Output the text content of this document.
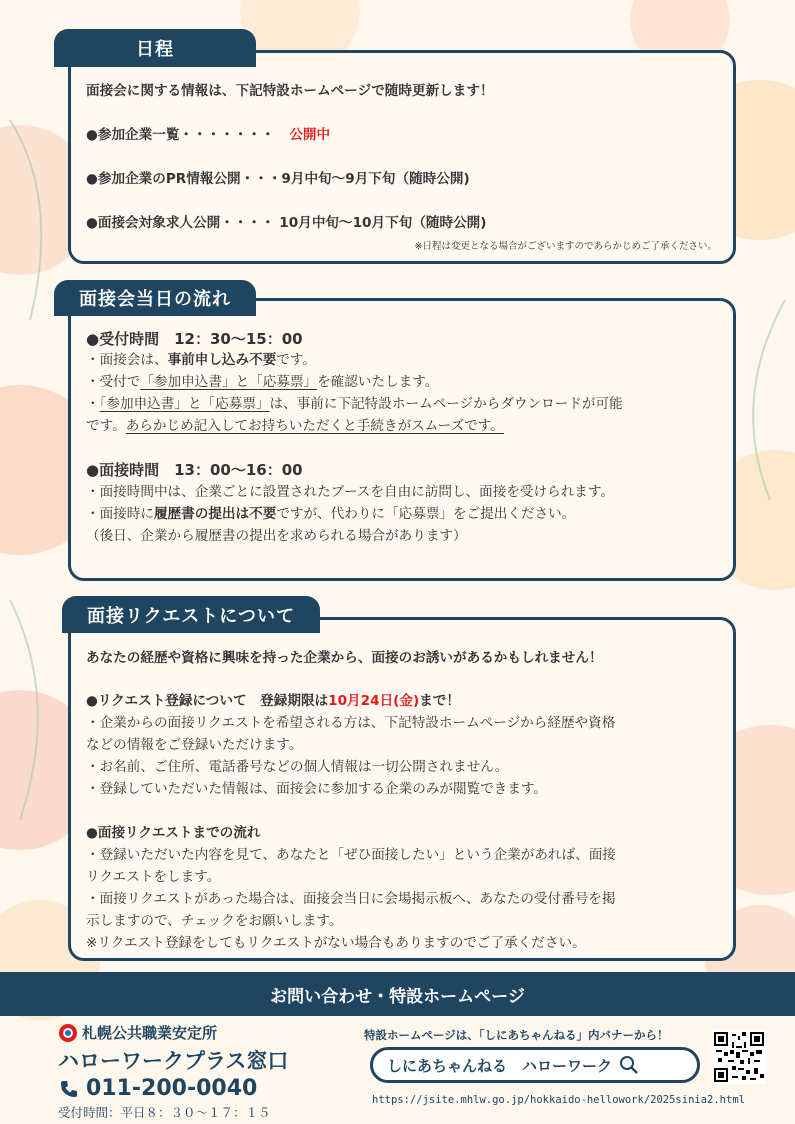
日程
面接会に関する情報は、下記特設ホームページで随時更新します！
●参加企業一覧・・・・・・・ 公開中
●参加企業のPR情報公開・・・9月中旬〜9月下旬（随時公開)
●面接会対象求人公開・・・・ 10月中旬〜10月下旬（随時公開)
※日程は変更となる場合がございますのであらかじめご了承ください。
面接会当日の流れ
●受付時間　12：30〜15：00
・面接会は、事前申し込み不要です。
・受付で「参加申込書」と「応募票」を確認いたします。
・「参加申込書」と「応募票」は、事前に下記特設ホームページからダウンロードが可能
です。あらかじめ記入してお持ちいただくと手続きがスムーズです。
●面接時間　13：00〜16：00
・面接時間中は、企業ごとに設置されたブースを自由に訪問し、面接を受けられます。
・面接時に履歴書の提出は不要ですが、代わりに「応募票」をご提出ください。
（後日、企業から履歴書の提出を求められる場合があります）
面接リクエストについて
あなたの経歴や資格に興味を持った企業から、面接のお誘いがあるかもしれません！
●リクエスト登録について　登録期限は10月24日(金)まで！
・企業からの面接リクエストを希望される方は、下記特設ホームページから経歴や資格
などの情報をご登録いただけます。
・お名前、ご住所、電話番号などの個人情報は一切公開されません。
・登録していただいた情報は、面接会に参加する企業のみが閲覧できます。
●面接リクエストまでの流れ
・登録いただいた内容を見て、あなたと「ぜひ面接したい」という企業があれば、面接
リクエストをします。
・面接リクエストがあった場合は、面接会当日に会場掲示板へ、あなたの受付番号を掲
示しますので、チェックをお願いします。
※リクエスト登録をしてもリクエストがない場合もありますのでご了承ください。
お問い合わせ・特設ホームページ
札幌公共職業安定所
ハローワークプラス窓口
011-200-0040
受付時間：平日８：３０〜１７：１５
特設ホームページは、「しにあちゃんねる」内バナーから！
しにあちゃんねる　ハローワーク
https://jsite.mhlw.go.jp/hokkaido-hellowork/2025sinia2.html
